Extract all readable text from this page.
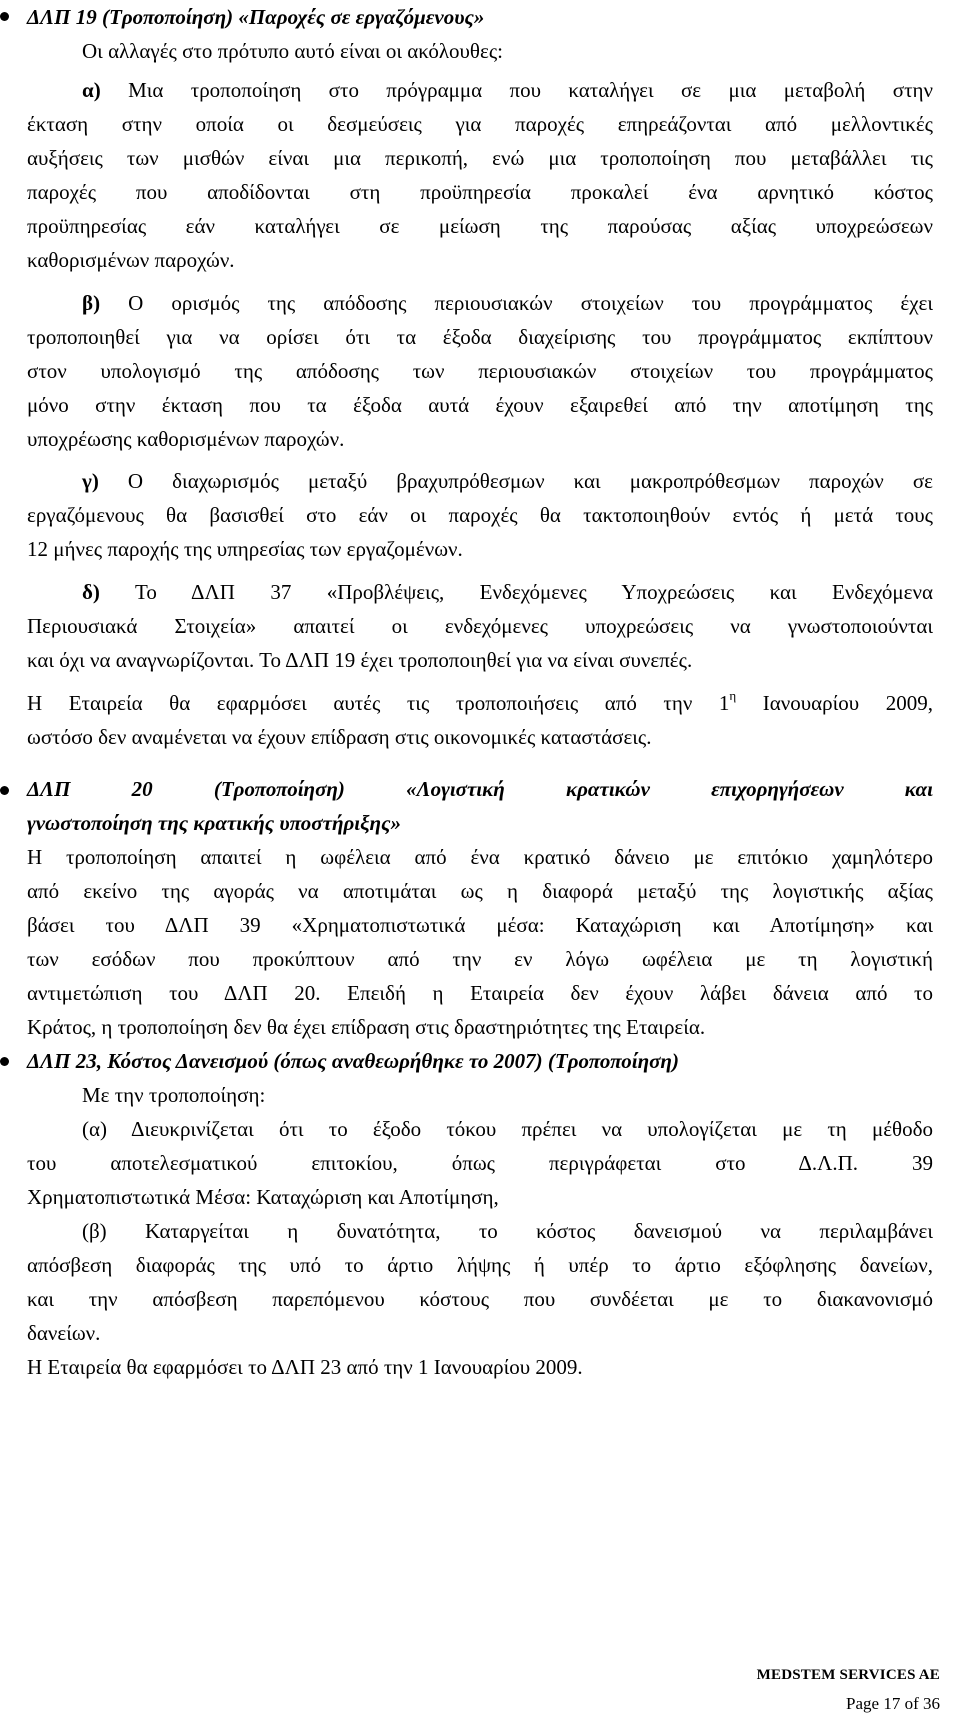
ΔΛΠ 19 (Τροποποίηση) «Παροχές σε εργαζόμενους»
Οι αλλαγές στο πρότυπο αυτό είναι οι ακόλουθες:
α) Μια τροποποίηση στο πρόγραμμα που καταλήγει σε μια μεταβολή στην
έκταση στην οποία οι δεσμεύσεις για παροχές επηρεάζονται από μελλοντικές
αυξήσεις των μισθών είναι μια περικοπή, ενώ μια τροποποίηση που μεταβάλλει τις
παροχές που αποδίδονται στη προϋπηρεσία προκαλεί ένα αρνητικό κόστος
προϋπηρεσίας εάν καταλήγει σε μείωση της παρούσας αξίας υποχρεώσεων
καθορισμένων παροχών.
β) Ο ορισμός της απόδοσης περιουσιακών στοιχείων του προγράμματος έχει
τροποποιηθεί για να ορίσει ότι τα έξοδα διαχείρισης του προγράμματος εκπίπτουν
στον υπολογισμό της απόδοσης των περιουσιακών στοιχείων του προγράμματος
μόνο στην έκταση που τα έξοδα αυτά έχουν εξαιρεθεί από την αποτίμηση της
υποχρέωσης καθορισμένων παροχών.
γ) Ο διαχωρισμός μεταξύ βραχυπρόθεσμων και μακροπρόθεσμων παροχών σε
εργαζόμενους θα βασισθεί στο εάν οι παροχές θα τακτοποιηθούν εντός ή μετά τους
12 μήνες παροχής της υπηρεσίας των εργαζομένων.
δ) Το ΔΛΠ 37 «Προβλέψεις, Ενδεχόμενες Υποχρεώσεις και Ενδεχόμενα
Περιουσιακά Στοιχεία» απαιτεί οι ενδεχόμενες υποχρεώσεις να γνωστοποιούνται
και όχι να αναγνωρίζονται. Το ΔΛΠ 19 έχει τροποποιηθεί για να είναι συνεπές.
Η Εταιρεία θα εφαρμόσει αυτές τις τροποποιήσεις από την $1^\eta$ Ιανουαρίου 2009,
ωστόσο δεν αναμένεται να έχουν επίδραση στις οικονομικές καταστάσεις.
ΔΛΠ 20 (Τροποποίηση) «Λογιστική κρατικών επιχορηγήσεων και
γνωστοποίηση της κρατικής υποστήριξης»
Η τροποποίηση απαιτεί η ωφέλεια από ένα κρατικό δάνειο με επιτόκιο χαμηλότερο
από εκείνο της αγοράς να αποτιμάται ως η διαφορά μεταξύ της λογιστικής αξίας
βάσει του ΔΛΠ 39 «Χρηματοπιστωτικά μέσα: Καταχώριση και Αποτίμηση» και
των εσόδων που προκύπτουν από την εν λόγω ωφέλεια με τη λογιστική
αντιμετώπιση του ΔΛΠ 20. Επειδή η Εταιρεία δεν έχουν λάβει δάνεια από το
Κράτος, η τροποποίηση δεν θα έχει επίδραση στις δραστηριότητες της Εταιρεία.
ΔΛΠ 23, Κόστος Δανεισμού (όπως αναθεωρήθηκε το 2007) (Τροποποίηση)
Με την τροποποίηση:
(α) Διευκρινίζεται ότι το έξοδο τόκου πρέπει να υπολογίζεται με τη μέθοδο
του αποτελεσματικού επιτοκίου, όπως περιγράφεται στο Δ.Λ.Π. 39
Χρηματοπιστωτικά Μέσα: Καταχώριση και Αποτίμηση,
(β) Καταργείται η δυνατότητα, το κόστος δανεισμού να περιλαμβάνει
απόσβεση διαφοράς της υπό το άρτιο λήψης ή υπέρ το άρτιο εξόφλησης δανείων,
και την απόσβεση παρεπόμενου κόστους που συνδέεται με το διακανονισμό
δανείων.
Η Εταιρεία θα εφαρμόσει το ΔΛΠ 23 από την 1 Ιανουαρίου 2009.
MEDSTEM SERVICES AE
Page 17 of 36
